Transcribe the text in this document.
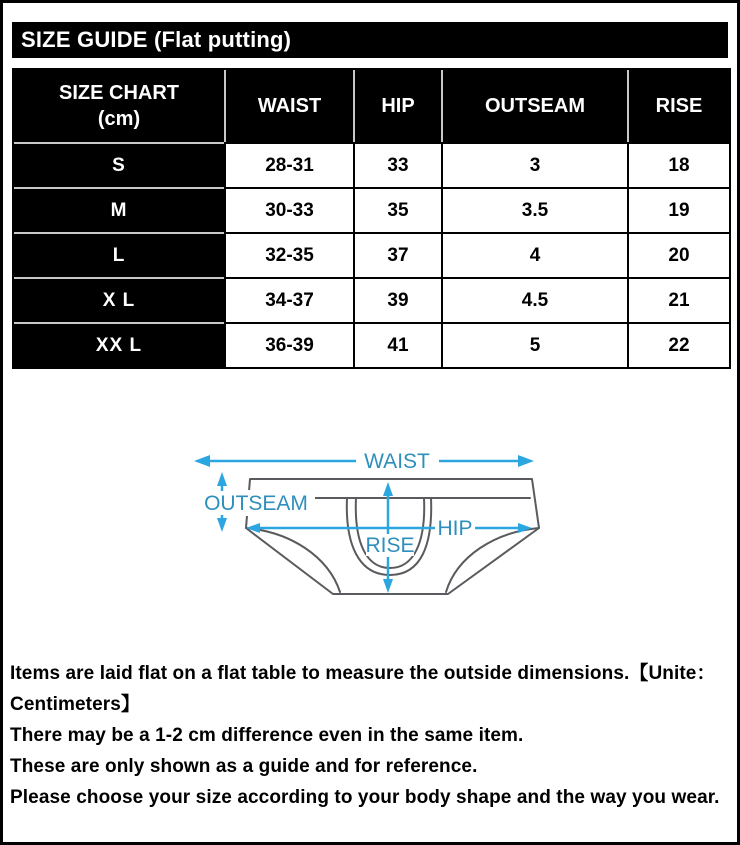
SIZE GUIDE (Flat putting)
SIZE CHART
(cm)	WAIST	HIP	OUTSEAM	RISE
S	28-31	33	3	18
M	30-33	35	3.5	19
L	32-35	37	4	20
X L	34-37	39	4.5	21
XX L	36-39	41	5	22
WAIST
OUTSEAM
HIP
RISE
Items are laid flat on a flat table to measure the outside dimensions.【Unite：
Centimeters】
There may be a 1-2 cm difference even in the same item.
These are only shown as a guide and for reference.
Please choose your size according to your body shape and the way you wear.
